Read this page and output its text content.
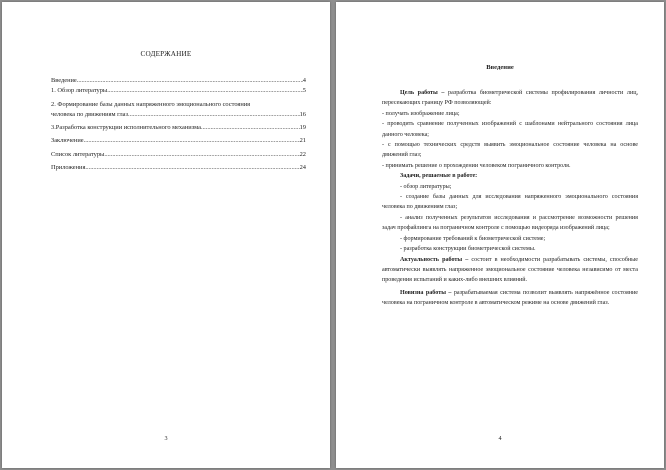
СОДЕРЖАНИЕ
Введение .....	4
1. Обзор литературы .....	5
2. Формирование базы данных напряженного эмоционального состояния
человека по движениям глаз .....	16
3.Разработка конструкции исполнительного механизма .....	19
Заключение .....	21
Список литературы .....	22
Приложения .....	24
3
Введение

Цель работы – разработка биометрической системы профилирования личности лиц, пересекающих границу РФ позволяющей:

- получать изображение лица;

- проводить сравнение полученных изображений с шаблонами нейтрального состояния лица данного человека;

- с помощью технических средств выявить эмоциональное состояние человека на основе движений глаз;

- принимать решение о прохождении человеком пограничного контроля.

Задачи, решаемые в работе:

- обзор литературы;

- создание базы данных для исследования напряженного эмоционального состояния человека по движениям глаз;

- анализ полученных результатов исследования и рассмотрение возможности решения задач профайлинга на пограничном контроле с помощью видеоряда изображений лица;

- формирование требований к биометрической системе;

- разработка конструкции биометрической системы.

Актуальность работы – состоит в необходимости разрабатывать системы, способные автоматически выявлять напряженное эмоциональное состояние человека независимо от места проведения испытаний и каких-либо внешних влияний.

Новизна работы – разрабатываемая система позволит выявлять напряжённое состояние человека на пограничном контроле в автоматическом режиме на основе движений глаз.

4
